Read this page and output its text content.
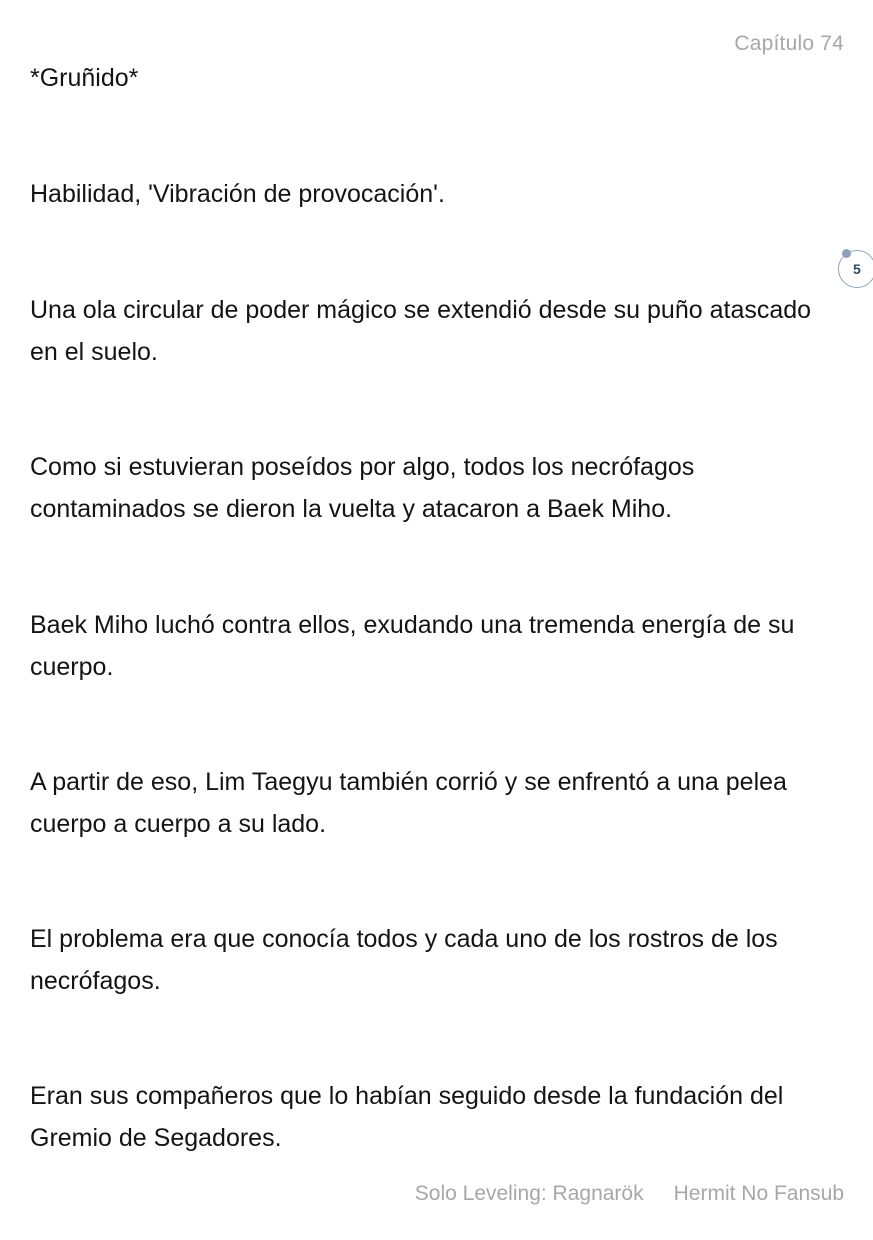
Capítulo 74

*Gruñido*

Habilidad, 'Vibración de provocación'.

Una ola circular de poder mágico se extendió desde su puño atascado en el suelo.

Como si estuvieran poseídos por algo, todos los necrófagos contaminados se dieron la vuelta y atacaron a Baek Miho.

Baek Miho luchó contra ellos, exudando una tremenda energía de su cuerpo.

A partir de eso, Lim Taegyu también corrió y se enfrentó a una pelea cuerpo a cuerpo a su lado.

El problema era que conocía todos y cada uno de los rostros de los necrófagos.

Eran sus compañeros que lo habían seguido desde la fundación del Gremio de Segadores.

5
Solo Leveling: Ragnarök Hermit No Fansub
